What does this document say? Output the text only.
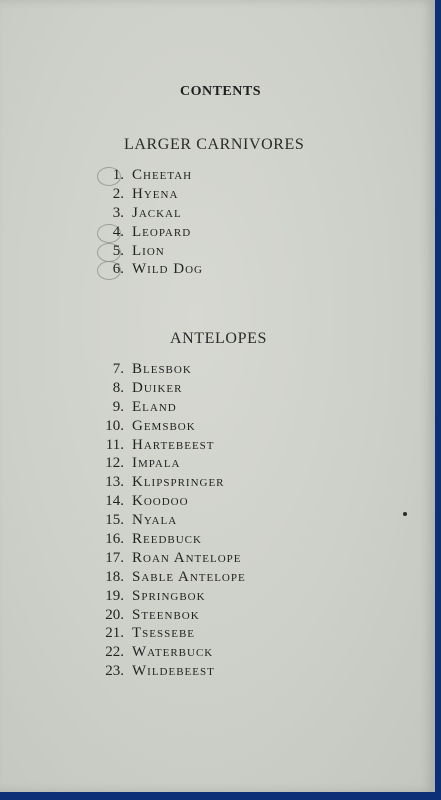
CONTENTS
LARGER CARNIVORES
1. Cheetah
2. Hyena
3. Jackal
4. Leopard
5. Lion
6. Wild Dog
ANTELOPES
7. Blesbok
8. Duiker
9. Eland
10. Gemsbok
11. Hartebeest
12. Impala
13. Klipspringer
14. Koodoo
15. Nyala
16. Reedbuck
17. Roan Antelope
18. Sable Antelope
19. Springbok
20. Steenbok
21. Tsessebe
22. Waterbuck
23. Wildebeest
